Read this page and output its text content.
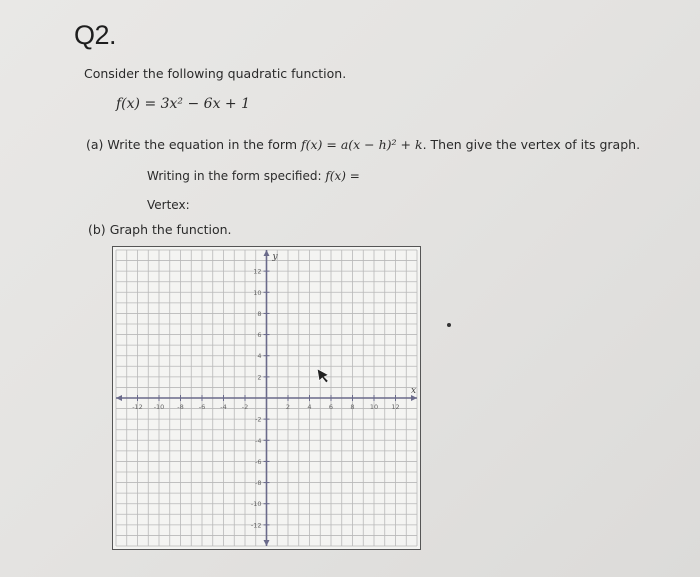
Q2.
Consider the following quadratic function.
f(x) = 3x² − 6x + 1
(a) Write the equation in the form f(x) = a(x − h)² + k. Then give the vertex of its graph.
Writing in the form specified: f(x) =
Vertex:
(b) Graph the function.
x
y
-12 -10 -8 -6 -4 -2	2	4	6	8 10 12
-12
-10
-8
-6
-4
-2
2
4
6
8
10
12
